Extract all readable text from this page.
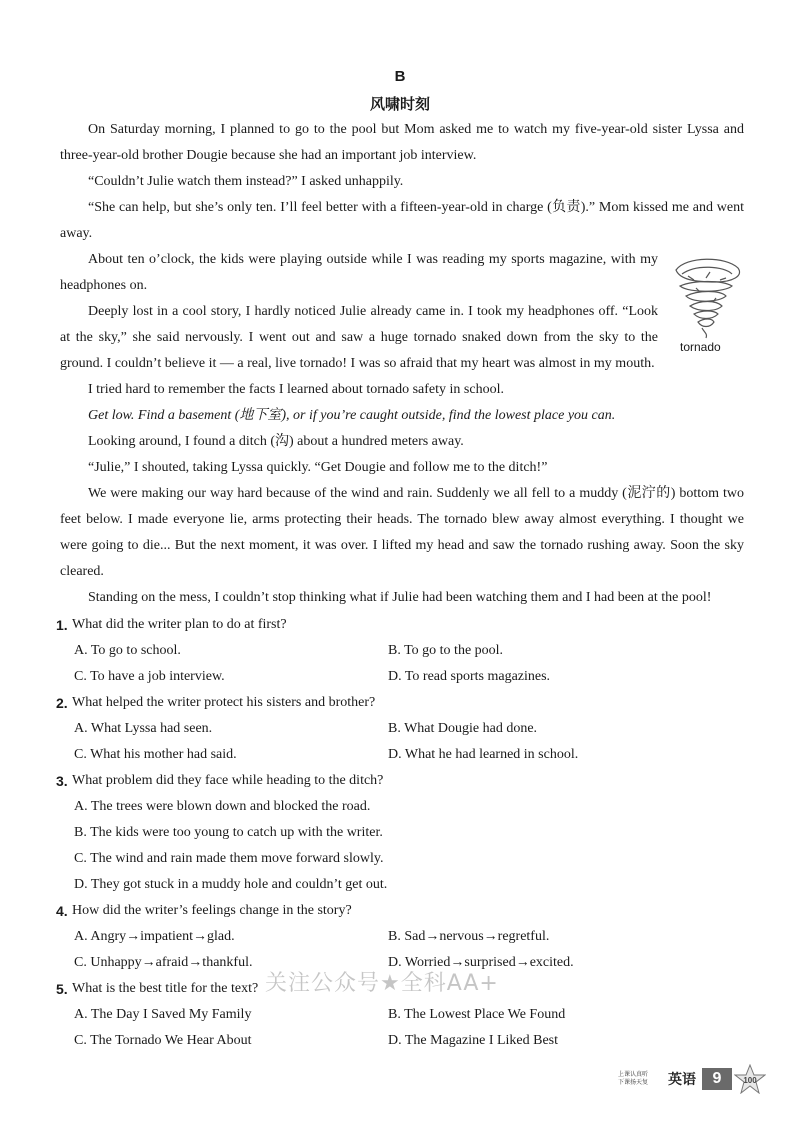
B
风啸时刻

On Saturday morning, I planned to go to the pool but Mom asked me to watch my five-year-old sister Lyssa and three-year-old brother Dougie because she had an important job interview.

“Couldn’t Julie watch them instead?” I asked unhappily.

“She can help, but she’s only ten. I’ll feel better with a fifteen-year-old in charge (负责).” Mom kissed me and went away.

About ten o’clock, the kids were playing outside while I was reading my sports magazine, with my headphones on.

Deeply lost in a cool story, I hardly noticed Julie already came in. I took my headphones off. “Look at the sky,” she said nervously. I went out and saw a huge tornado snaked down from the sky to the ground. I couldn’t believe it — a real, live tornado! I was so afraid that my heart was almost in my mouth.

I tried hard to remember the facts I learned about tornado safety in school.

Get low. Find a basement (地下室), or if you’re caught outside, find the lowest place you can.

Looking around, I found a ditch (沟) about a hundred meters away.

“Julie,” I shouted, taking Lyssa quickly. “Get Dougie and follow me to the ditch!”

We were making our way hard because of the wind and rain. Suddenly we all fell to a muddy (泥泞的) bottom two feet below. I made everyone lie, arms protecting their heads. The tornado blew away almost everything. I thought we were going to die... But the next moment, it was over. I lifted my head and saw the tornado rushing away. Soon the sky cleared.

Standing on the mess, I couldn’t stop thinking what if Julie had been watching them and I had been at the pool!

tornado
1. What did the writer plan to do at first?
A. To go to school.	B. To go to the pool.
C. To have a job interview.	D. To read sports magazines.
2. What helped the writer protect his sisters and brother?
A. What Lyssa had seen.	B. What Dougie had done.
C. What his mother had said.	D. What he had learned in school.
3. What problem did they face while heading to the ditch?
A. The trees were blown down and blocked the road.
B. The kids were too young to catch up with the writer.
C. The wind and rain made them move forward slowly.
D. They got stuck in a muddy hole and couldn’t get out.
4. How did the writer’s feelings change in the story?
A. Angry→impatient→glad.	B. Sad→nervous→regretful.
C. Unhappy→afraid→thankful.	D. Worried→surprised→excited.
5. What is the best title for the text?
A. The Day I Saved My Family	B. The Lowest Place We Found
C. The Tornado We Hear About	D. The Magazine I Liked Best
关注公众号★全科AA+
上课认真听
下课扬天复	英语	9	100
